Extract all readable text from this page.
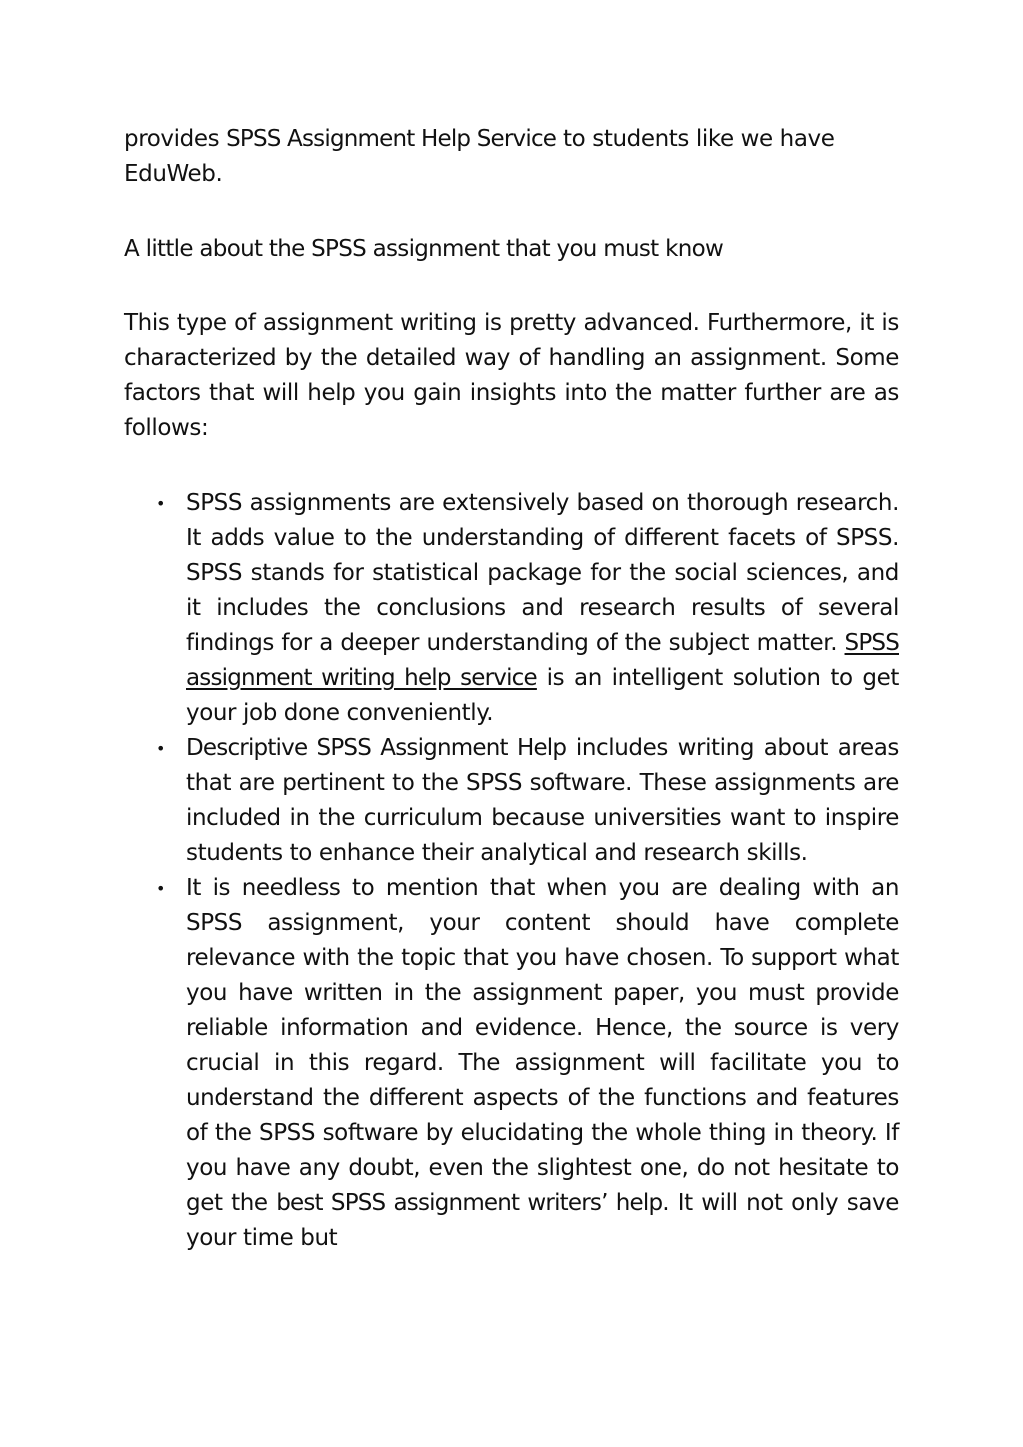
provides SPSS Assignment Help Service to students like we have EduWeb.

A little about the SPSS assignment that you must know

This type of assignment writing is pretty advanced. Furthermore, it is characterized by the detailed way of handling an assignment. Some factors that will help you gain insights into the matter further are as follows:

• SPSS assignments are extensively based on thorough research. It adds value to the understanding of different facets of SPSS. SPSS stands for statistical package for the social sciences, and it includes the conclusions and research results of several findings for a deeper understanding of the subject matter. SPSS assignment writing help service is an intelligent solution to get your job done conveniently.
• Descriptive SPSS Assignment Help includes writing about areas that are pertinent to the SPSS software. These assignments are included in the curriculum because universities want to inspire students to enhance their analytical and research skills.
• It is needless to mention that when you are dealing with an SPSS assignment, your content should have complete relevance with the topic that you have chosen. To support what you have written in the assignment paper, you must provide reliable information and evidence. Hence, the source is very crucial in this regard. The assignment will facilitate you to understand the different aspects of the functions and features of the SPSS software by elucidating the whole thing in theory. If you have any doubt, even the slightest one, do not hesitate to get the best SPSS assignment writers’ help. It will not only save your time but
